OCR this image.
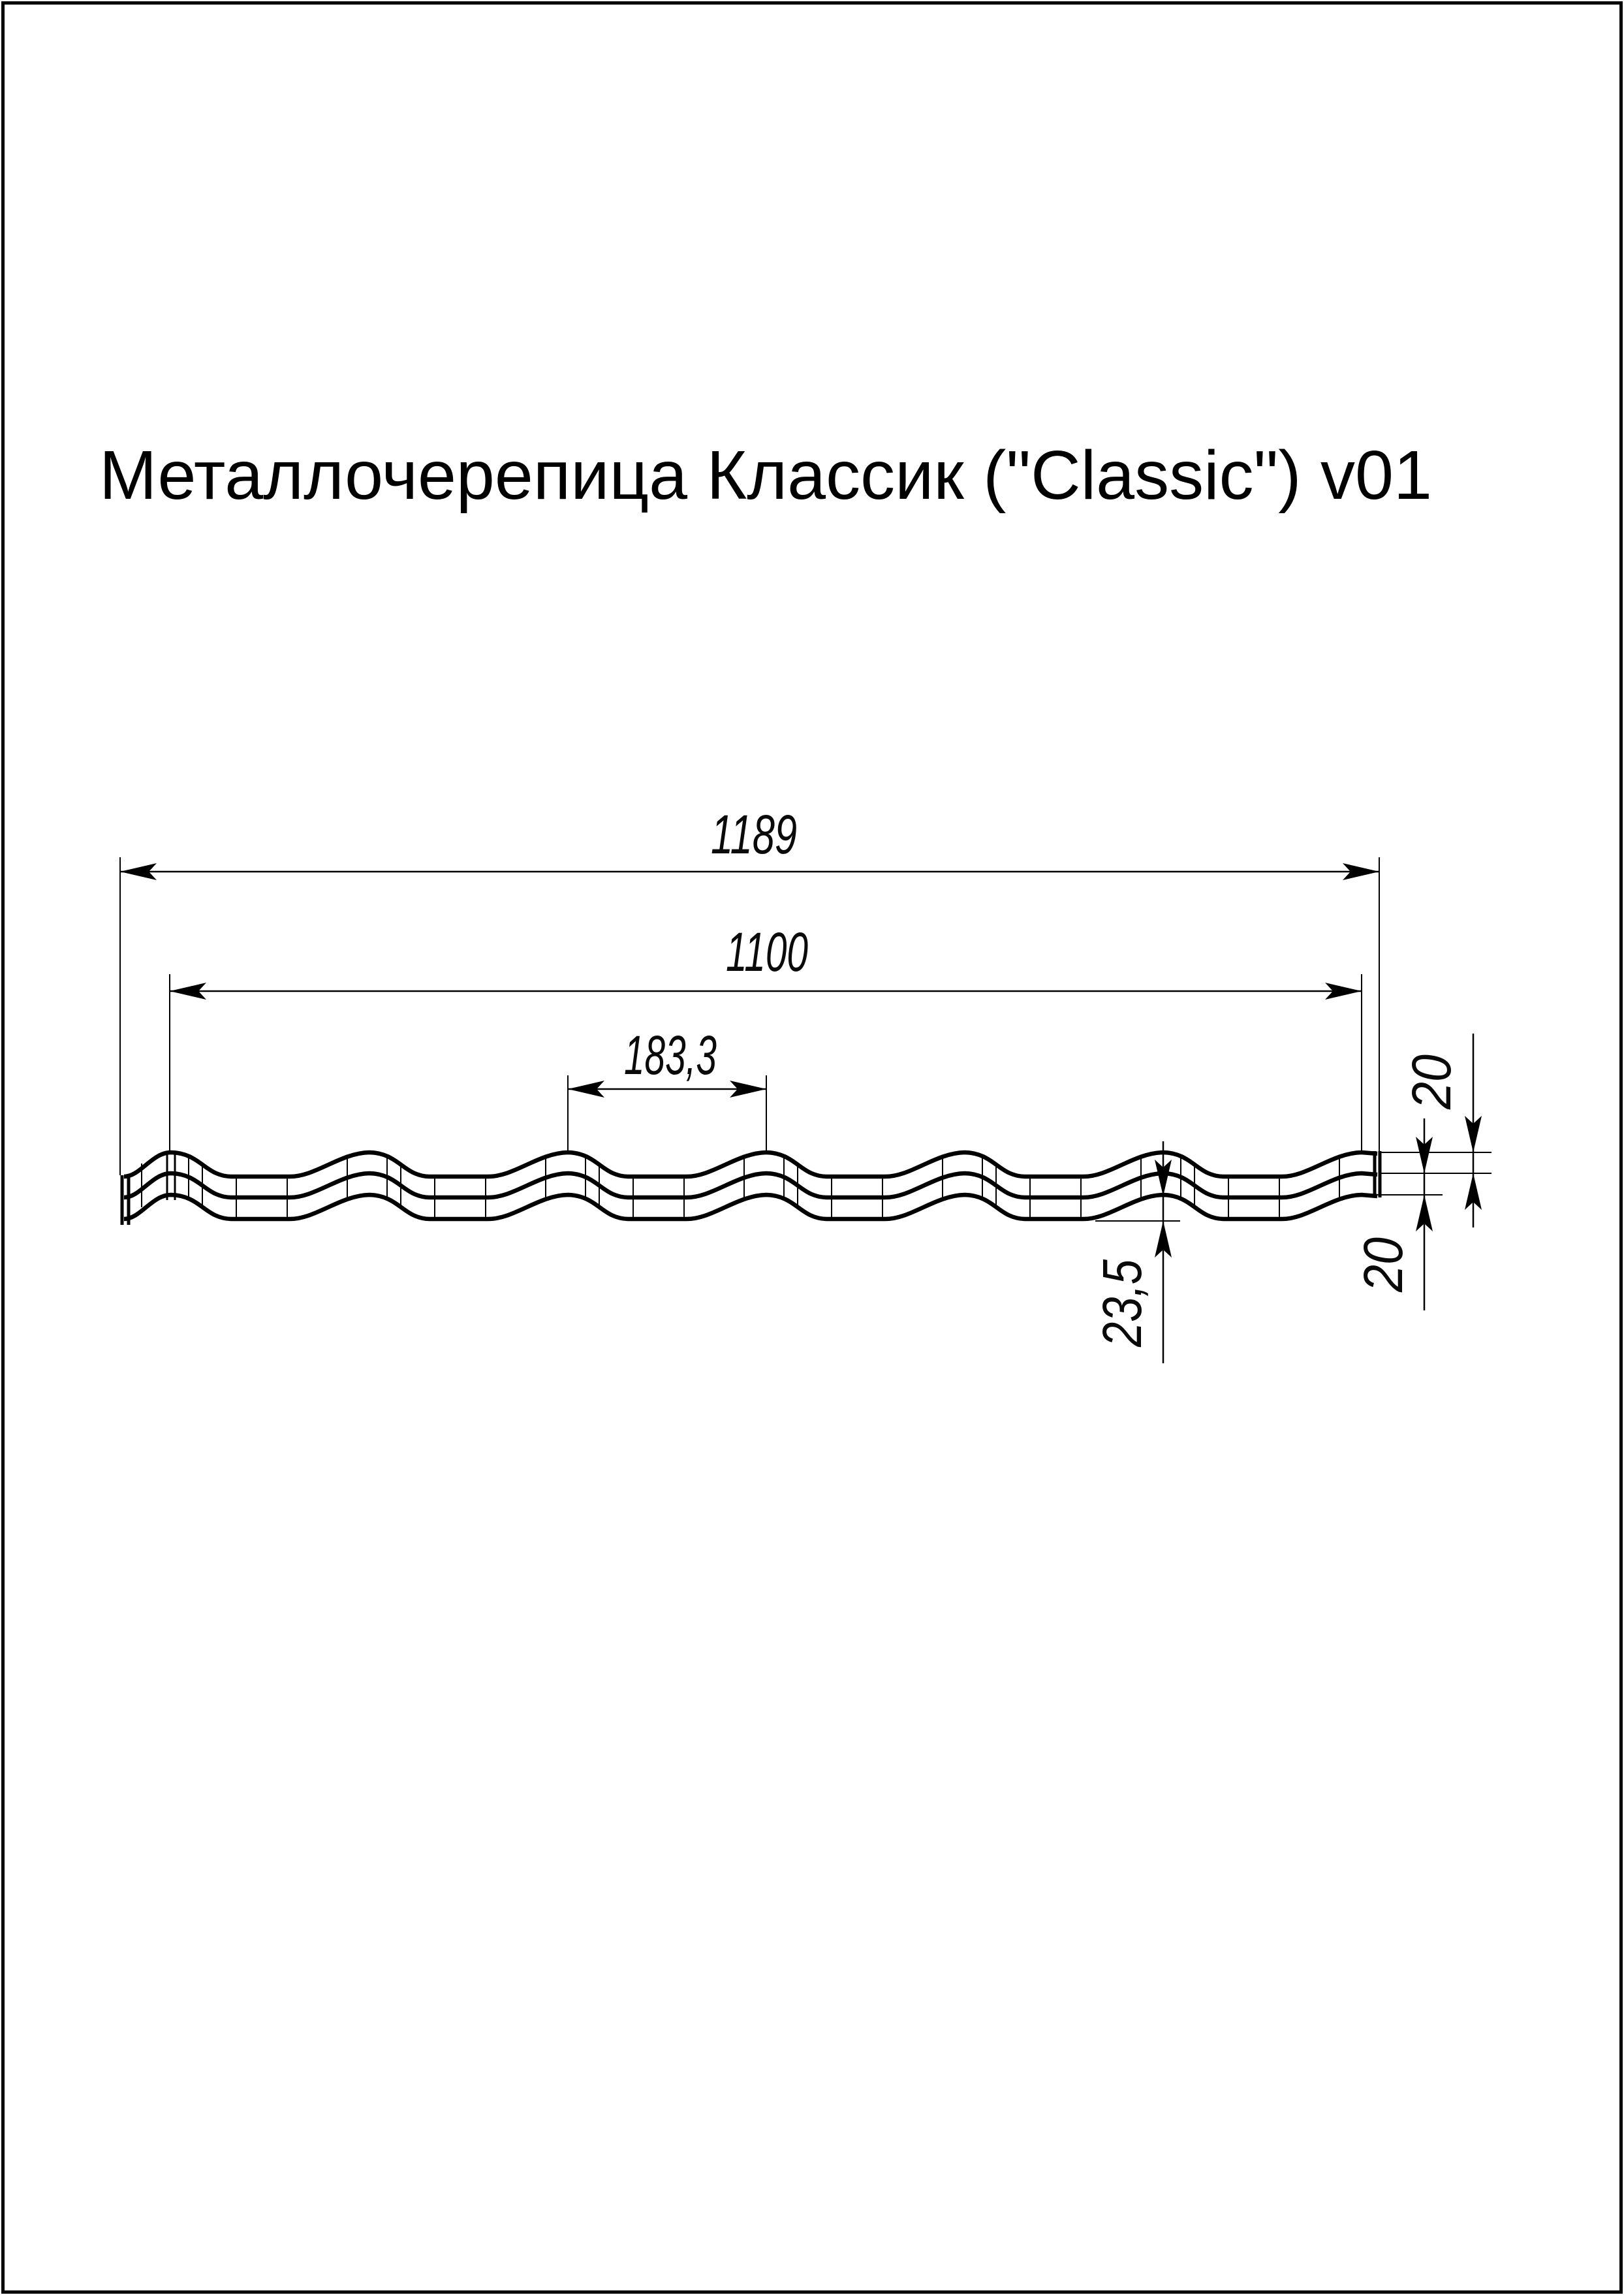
Металлочерепица Классик ("Classic") v01
1189
1100
183,3
23,5
20
20
